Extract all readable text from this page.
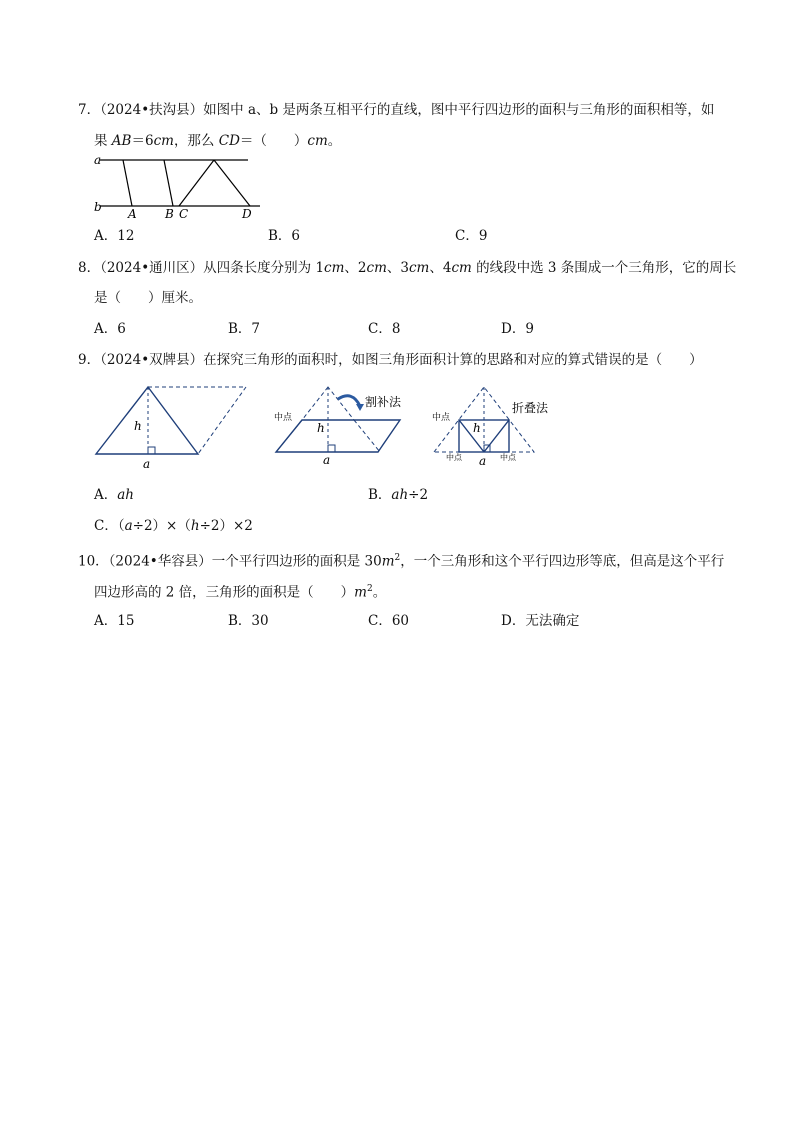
7．（2024•扶沟县）如图中 a、b 是两条互相平行的直线，图中平行四边形的面积与三角形的面积相等，如
果 AB＝6cm，那么 CD＝（　　）cm。
a
b A B C	D
A．12	B．6	C．9
8．（2024•通川区）从四条长度分别为 1cm、2cm、3cm、4cm 的线段中选 3 条围成一个三角形，它的周长
是（　　）厘米。
A．6	B．7	C．8	D．9
9．（2024•双牌县）在探究三角形的面积时，如图三角形面积计算的思路和对应的算式错误的是（　　）
h
a
中点
割补法
h
a
中点
中点	中点
折叠法
h
a
A．ah	B．ah÷2
C．（a÷2）×（h÷2）×2
10．（2024•华容县）一个平行四边形的面积是 $30m^2$，一个三角形和这个平行四边形等底，但高是这个平行
四边形高的 2 倍，三角形的面积是（　　）$m^2$。
A．15	B．30	C．60	D．无法确定
